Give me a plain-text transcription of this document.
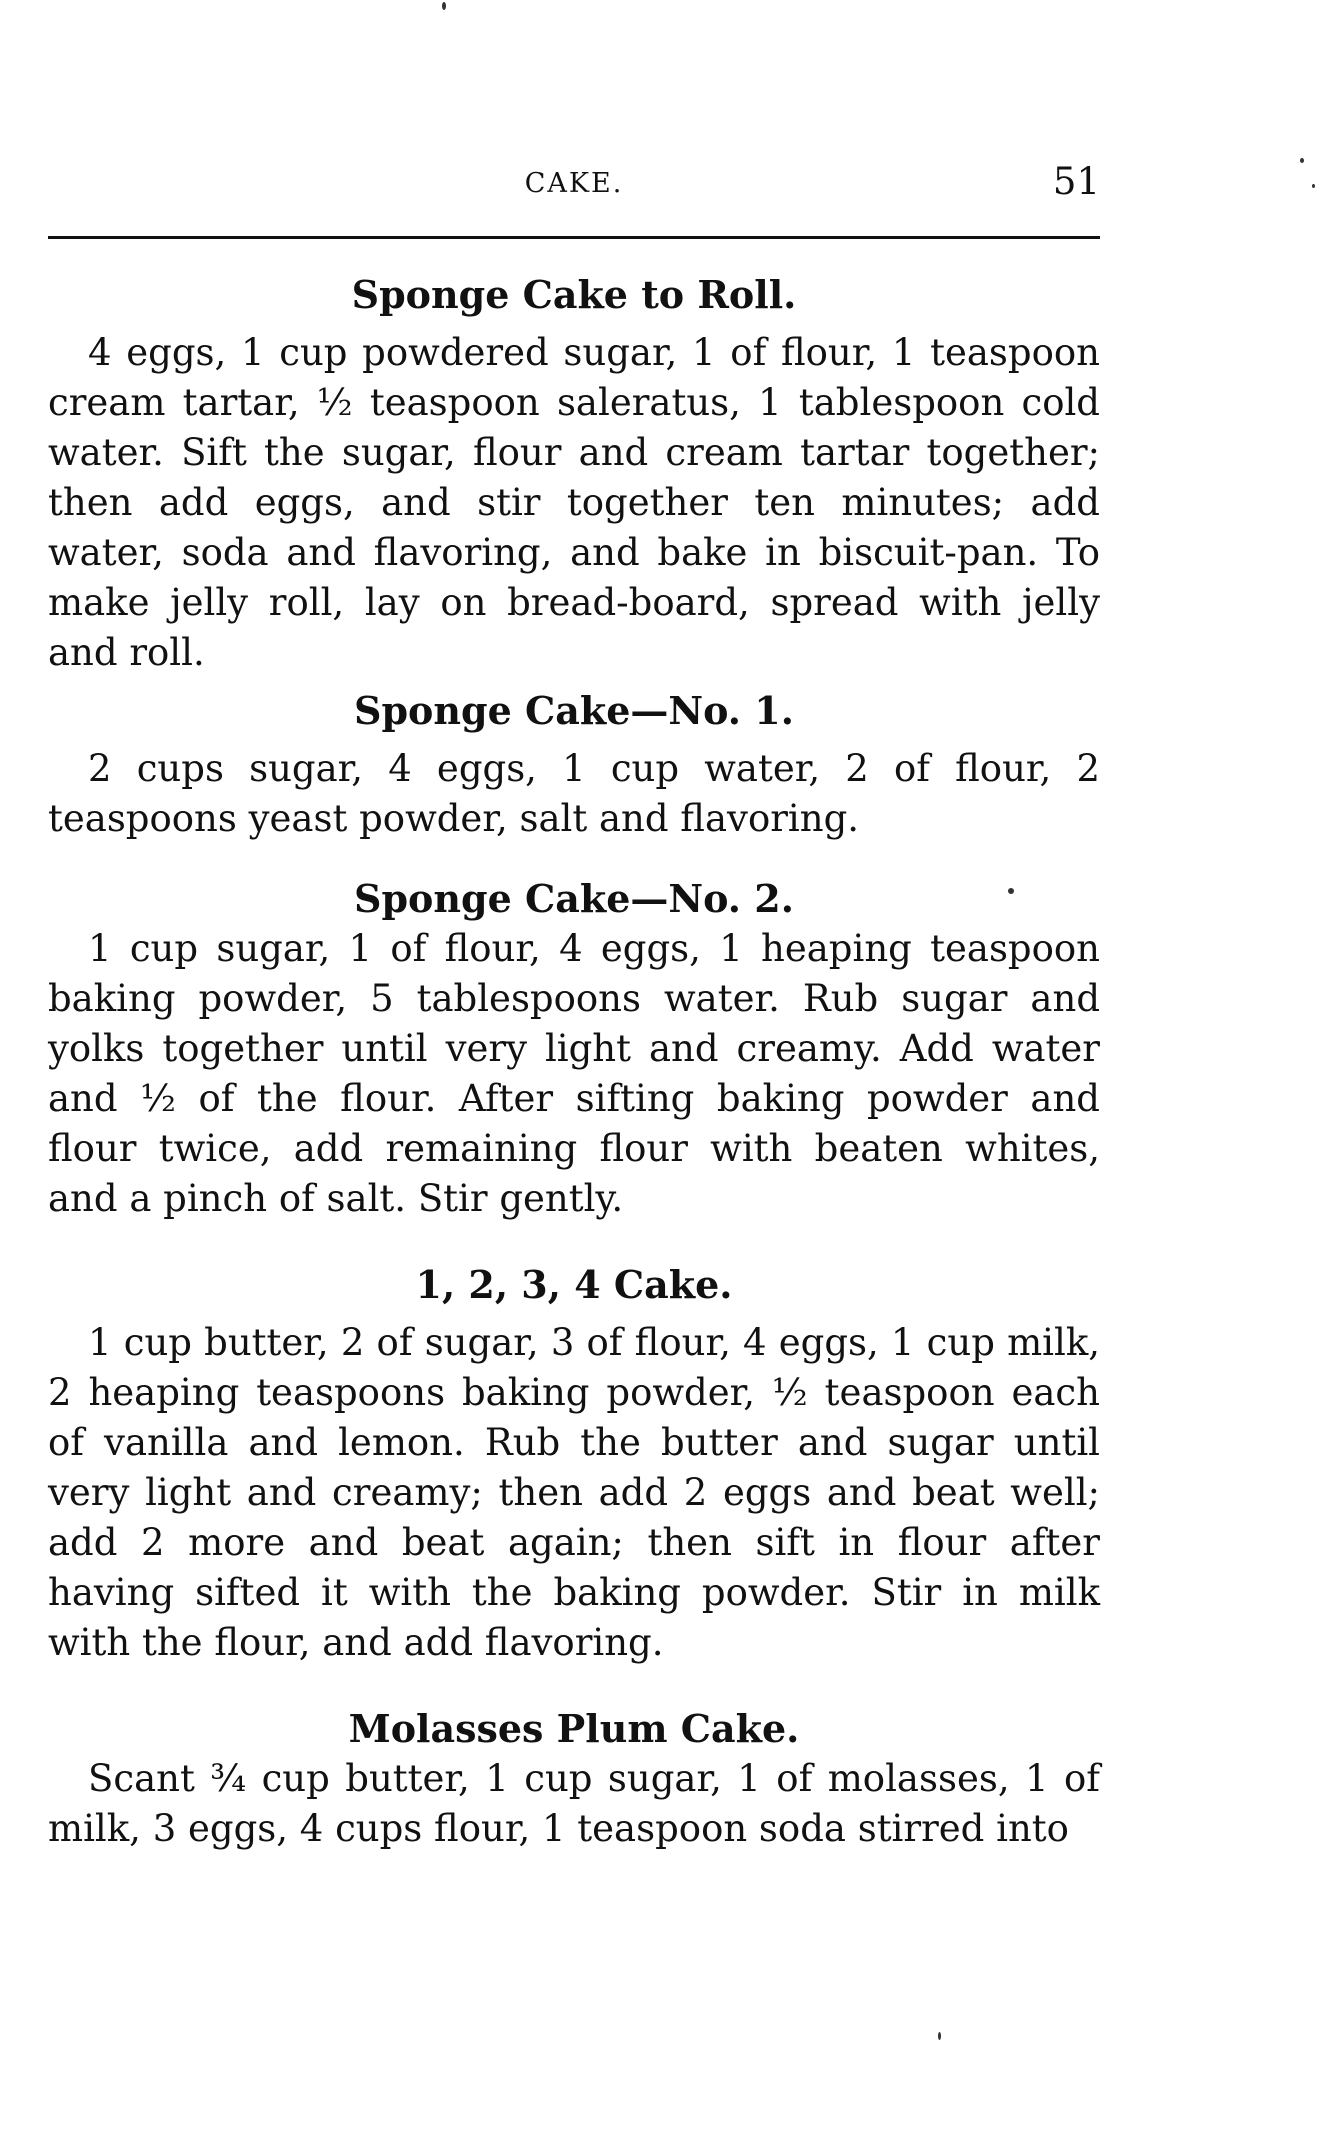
CAKE.	51
Sponge Cake to Roll.

4 eggs, 1 cup powdered sugar, 1 of flour, 1 teaspoon cream tartar, ½ teaspoon saleratus, 1 tablespoon cold water. Sift the sugar, flour and cream tartar together; then add eggs, and stir together ten minutes; add water, soda and flavoring, and bake in biscuit-pan. To make jelly roll, lay on bread-board, spread with jelly and roll.

Sponge Cake—No. 1.

2 cups sugar, 4 eggs, 1 cup water, 2 of flour, 2 teaspoons yeast powder, salt and flavoring.

Sponge Cake—No. 2.

1 cup sugar, 1 of flour, 4 eggs, 1 heaping teaspoon baking powder, 5 tablespoons water. Rub sugar and yolks together until very light and creamy. Add water and ½ of the flour. After sifting baking powder and flour twice, add remaining flour with beaten whites, and a pinch of salt. Stir gently.

1, 2, 3, 4 Cake.

1 cup butter, 2 of sugar, 3 of flour, 4 eggs, 1 cup milk, 2 heaping teaspoons baking powder, ½ teaspoon each of vanilla and lemon. Rub the butter and sugar until very light and creamy; then add 2 eggs and beat well; add 2 more and beat again; then sift in flour after having sifted it with the baking powder. Stir in milk with the flour, and add flavoring.

Molasses Plum Cake.

Scant ¾ cup butter, 1 cup sugar, 1 of molasses, 1 of milk, 3 eggs, 4 cups flour, 1 teaspoon soda stirred into
